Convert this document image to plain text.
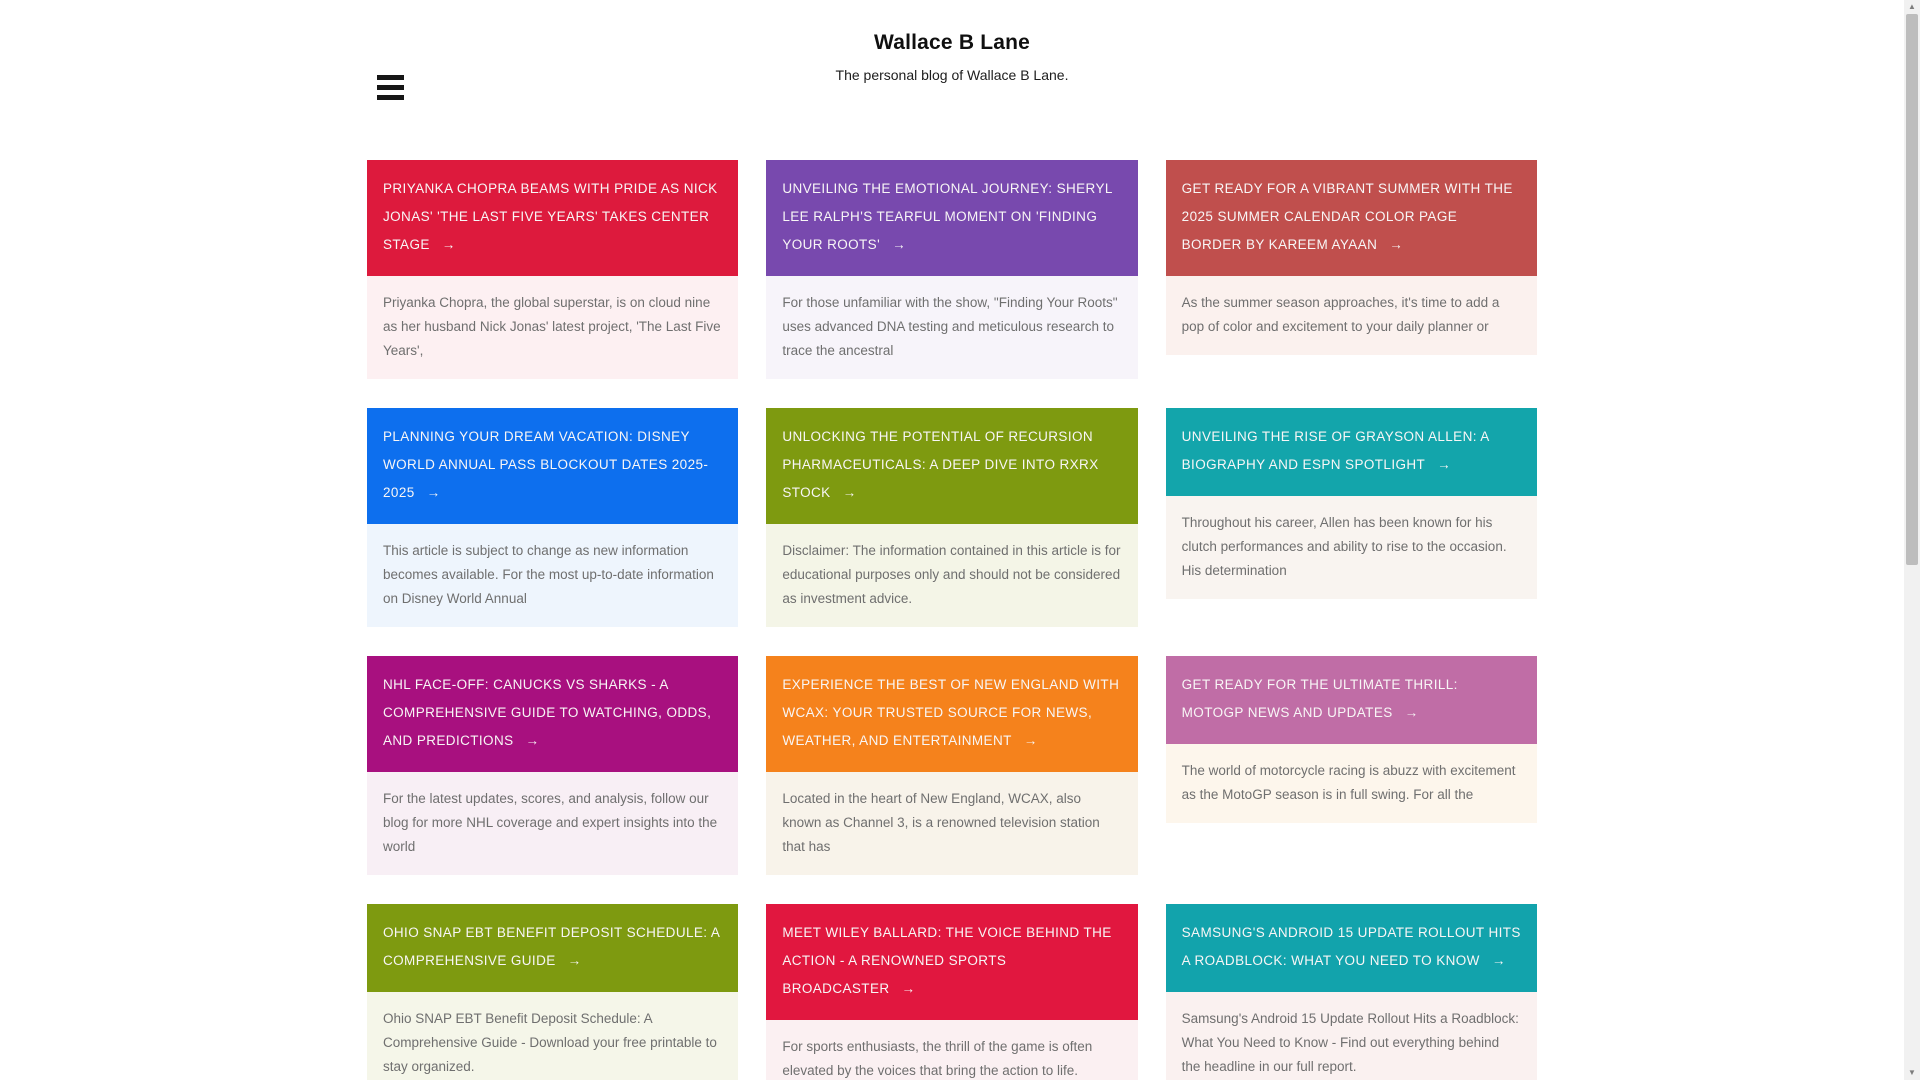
Wallace B Lane

The personal blog of Wallace B Lane.

PRIYANKA CHOPRA BEAMS WITH PRIDE AS NICK JONAS' 'THE LAST FIVE YEARS' TAKES CENTER STAGE →

Priyanka Chopra, the global superstar, is on cloud nine as her husband Nick Jonas' latest project, 'The Last Five Years',

UNVEILING THE EMOTIONAL JOURNEY: SHERYL LEE RALPH'S TEARFUL MOMENT ON 'FINDING YOUR ROOTS' →

For those unfamiliar with the show, "Finding Your Roots" uses advanced DNA testing and meticulous research to trace the ancestral

GET READY FOR A VIBRANT SUMMER WITH THE 2025 SUMMER CALENDAR COLOR PAGE BORDER BY KAREEM AYAAN →

As the summer season approaches, it's time to add a pop of color and excitement to your daily planner or

PLANNING YOUR DREAM VACATION: DISNEY WORLD ANNUAL PASS BLOCKOUT DATES 2025-2025 →

This article is subject to change as new information becomes available. For the most up-to-date information on Disney World Annual

UNLOCKING THE POTENTIAL OF RECURSION PHARMACEUTICALS: A DEEP DIVE INTO RXRX STOCK →

Disclaimer: The information contained in this article is for educational purposes only and should not be considered as investment advice.

UNVEILING THE RISE OF GRAYSON ALLEN: A BIOGRAPHY AND ESPN SPOTLIGHT →

Throughout his career, Allen has been known for his clutch performances and ability to rise to the occasion. His determination

NHL FACE-OFF: CANUCKS VS SHARKS - A COMPREHENSIVE GUIDE TO WATCHING, ODDS, AND PREDICTIONS →

For the latest updates, scores, and analysis, follow our blog for more NHL coverage and expert insights into the world

EXPERIENCE THE BEST OF NEW ENGLAND WITH WCAX: YOUR TRUSTED SOURCE FOR NEWS, WEATHER, AND ENTERTAINMENT →

Located in the heart of New England, WCAX, also known as Channel 3, is a renowned television station that has

GET READY FOR THE ULTIMATE THRILL: MOTOGP NEWS AND UPDATES →

The world of motorcycle racing is abuzz with excitement as the MotoGP season is in full swing. For all the

OHIO SNAP EBT BENEFIT DEPOSIT SCHEDULE: A COMPREHENSIVE GUIDE →

Ohio SNAP EBT Benefit Deposit Schedule: A Comprehensive Guide - Download your free printable to stay organized.

MEET WILEY BALLARD: THE VOICE BEHIND THE ACTION - A RENOWNED SPORTS BROADCASTER →

For sports enthusiasts, the thrill of the game is often elevated by the voices that bring the action to life.

SAMSUNG'S ANDROID 15 UPDATE ROLLOUT HITS A ROADBLOCK: WHAT YOU NEED TO KNOW →

Samsung's Android 15 Update Rollout Hits a Roadblock: What You Need to Know - Find out everything behind the headline in our full report.

▲
▼
